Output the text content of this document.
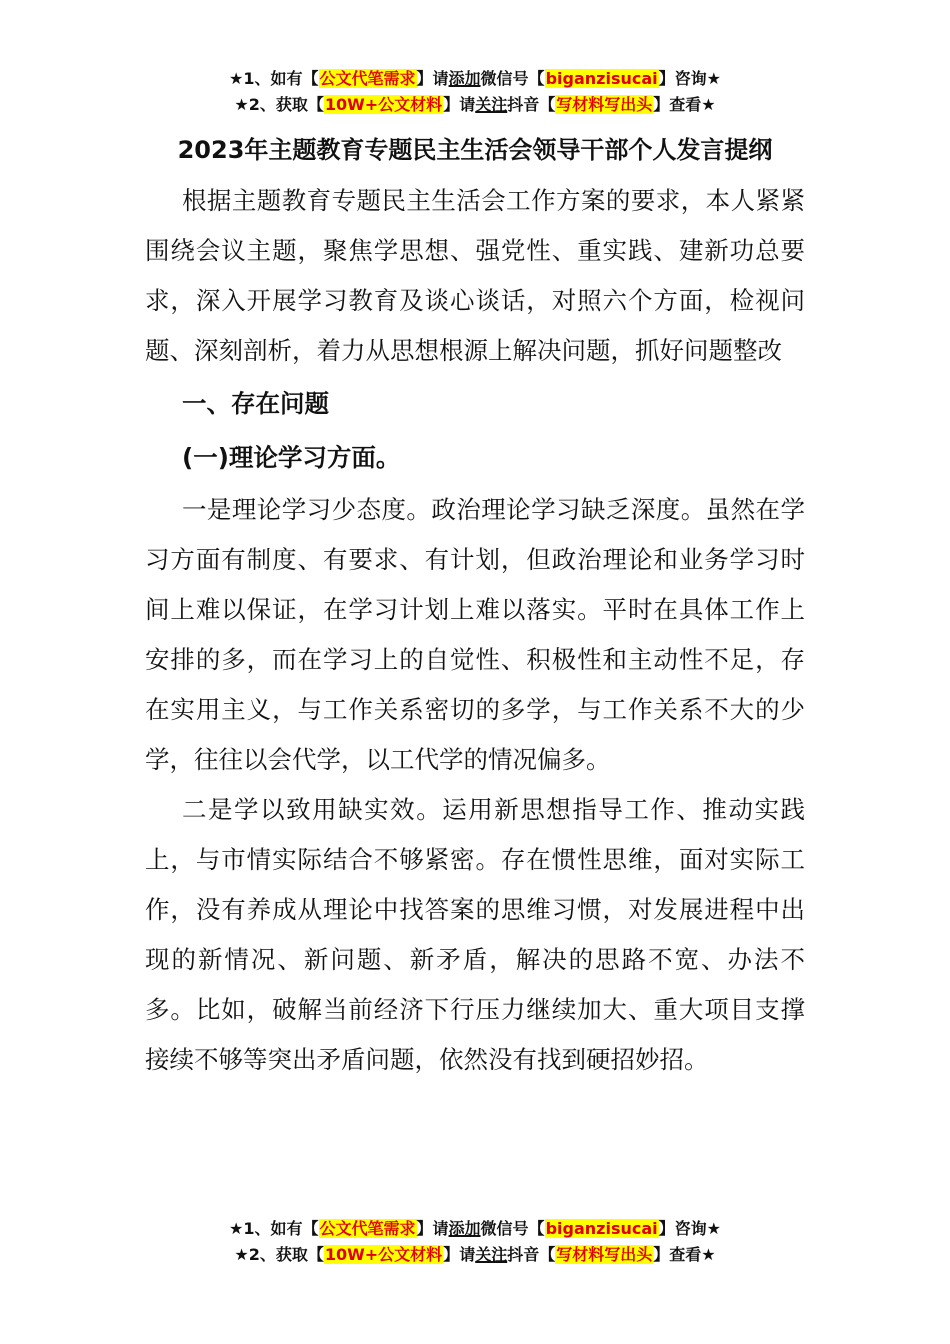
★1、如有【公文代笔需求】请添加微信号【biganzisucai】咨询★
★2、获取【10W+公文材料】请关注抖音【写材料写出头】查看★
2023年主题教育专题民主生活会领导干部个人发言提纲

根据主题教育专题民主生活会工作方案的要求，本人紧紧围绕会议主题，聚焦学思想、强党性、重实践、建新功总要求，深入开展学习教育及谈心谈话，对照六个方面，检视问题、深刻剖析，着力从思想根源上解决问题，抓好问题整改

一、存在问题
(一)理论学习方面。

一是理论学习少态度。政治理论学习缺乏深度。虽然在学习方面有制度、有要求、有计划，但政治理论和业务学习时间上难以保证，在学习计划上难以落实。平时在具体工作上安排的多，而在学习上的自觉性、积极性和主动性不足，存在实用主义，与工作关系密切的多学，与工作关系不大的少学，往往以会代学，以工代学的情况偏多。

二是学以致用缺实效。运用新思想指导工作、推动实践上，与市情实际结合不够紧密。存在惯性思维，面对实际工作，没有养成从理论中找答案的思维习惯，对发展进程中出现的新情况、新问题、新矛盾，解决的思路不宽、办法不多。比如，破解当前经济下行压力继续加大、重大项目支撑接续不够等突出矛盾问题，依然没有找到硬招妙招。

★1、如有【公文代笔需求】请添加微信号【biganzisucai】咨询★
★2、获取【10W+公文材料】请关注抖音【写材料写出头】查看★
